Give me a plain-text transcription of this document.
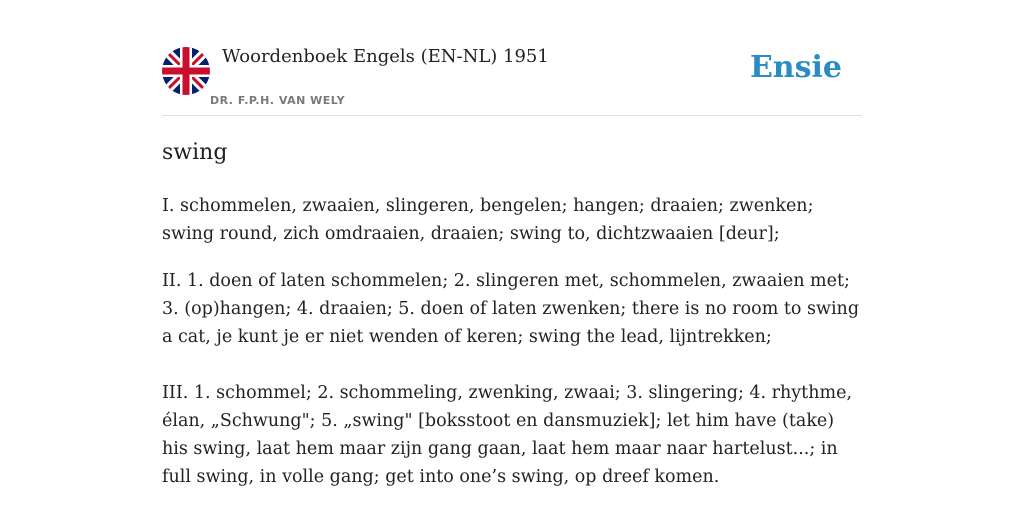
Woordenboek Engels (EN-NL) 1951
DR. F.P.H. VAN WELY
Ensie
swing

I. schommelen, zwaaien, slingeren, bengelen; hangen; draaien; zwenken; swing round, zich omdraaien, draaien; swing to, dichtzwaaien [deur];

II. 1. doen of laten schommelen; 2. slingeren met, schommelen, zwaaien met; 3. (op)hangen; 4. draaien; 5. doen of laten zwenken; there is no room to swing a cat, je kunt je er niet wenden of keren; swing the lead, lijntrekken;

III. 1. schommel; 2. schommeling, zwenking, zwaai; 3. slingering; 4. rhythme, élan, „Schwung"; 5. „swing" [boksstoot en dansmuziek]; let him have (take) his swing, laat hem maar zijn gang gaan, laat hem maar naar hartelust...; in full swing, in volle gang; get into one’s swing, op dreef komen.
